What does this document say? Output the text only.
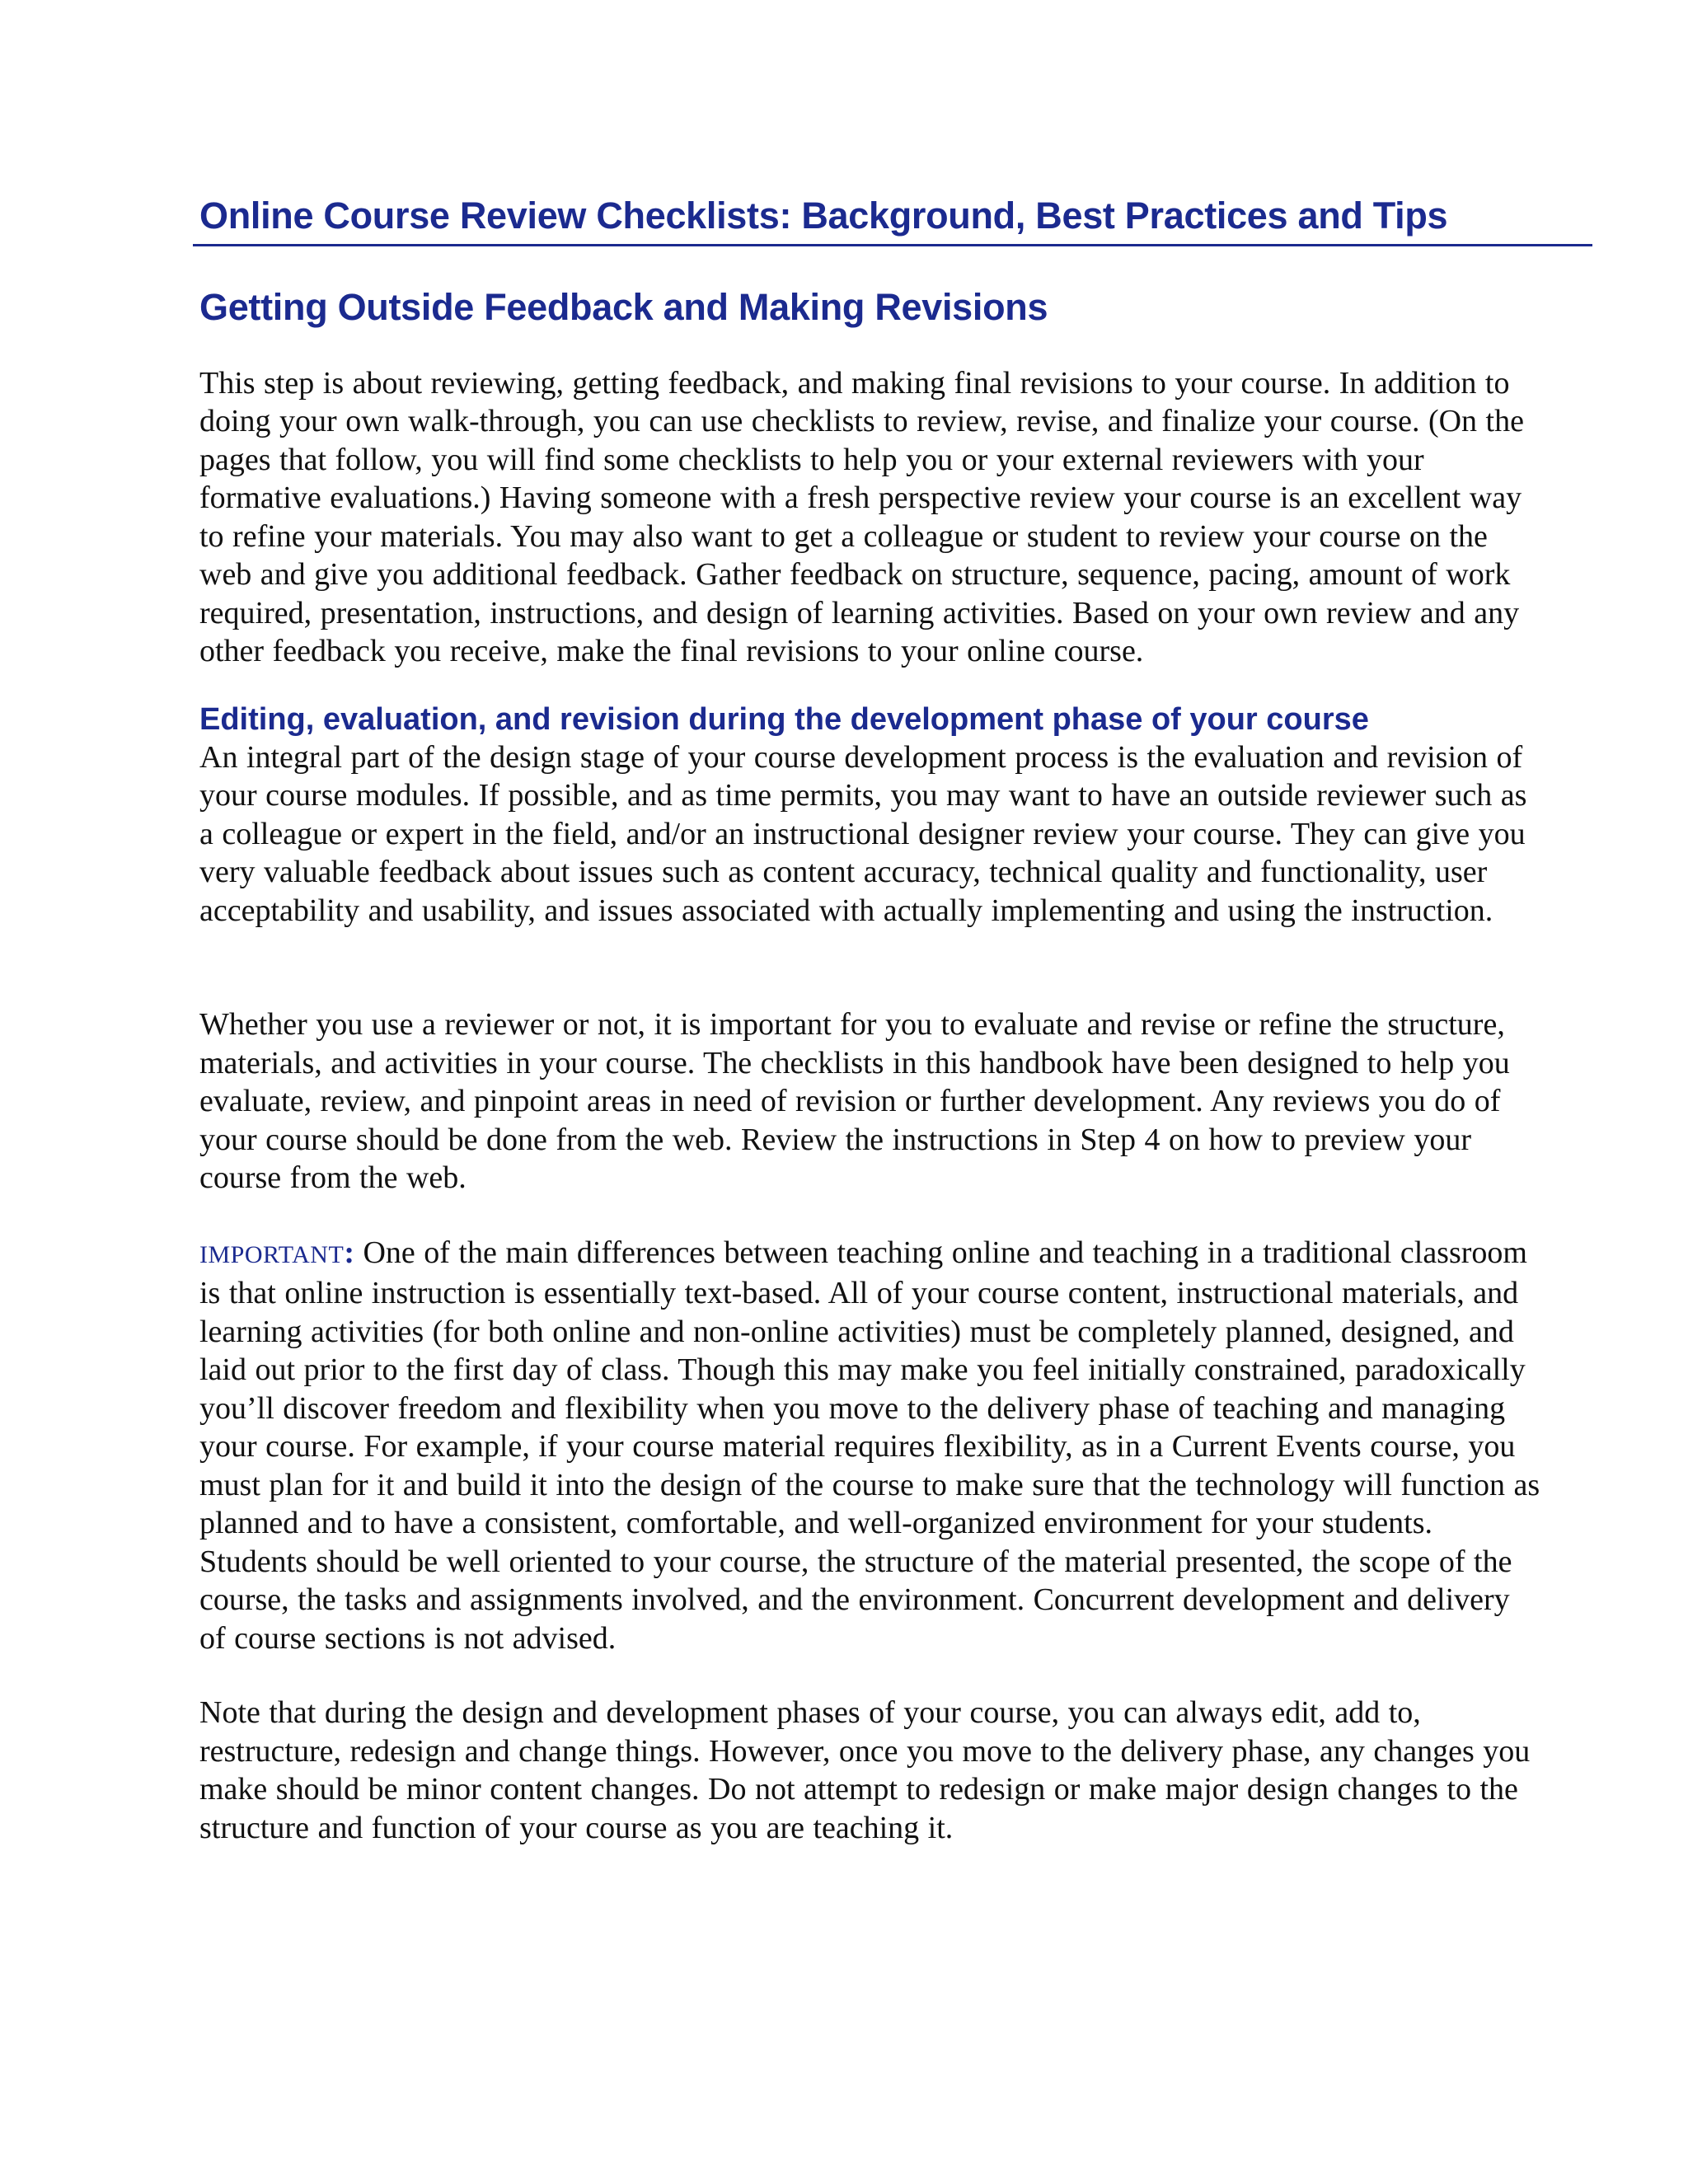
Online Course Review Checklists: Background, Best Practices and Tips
Getting Outside Feedback and Making Revisions

This step is about reviewing, getting feedback, and making final revisions to your course. In addition to doing your own walk-through, you can use checklists to review, revise, and finalize your course. (On the pages that follow, you will find some checklists to help you or your external reviewers with your formative evaluations.) Having someone with a fresh perspective review your course is an excellent way to refine your materials. You may also want to get a colleague or student to review your course on the web and give you additional feedback. Gather feedback on structure, sequence, pacing, amount of work required, presentation, instructions, and design of learning activities. Based on your own review and any other feedback you receive, make the final revisions to your online course.

Editing, evaluation, and revision during the development phase of your course

An integral part of the design stage of your course development process is the evaluation and revision of your course modules. If possible, and as time permits, you may want to have an outside reviewer such as a colleague or expert in the field, and/or an instructional designer review your course. They can give you very valuable feedback about issues such as content accuracy, technical quality and functionality, user acceptability and usability, and issues associated with actually implementing and using the instruction.

Whether you use a reviewer or not, it is important for you to evaluate and revise or refine the structure, materials, and activities in your course. The checklists in this handbook have been designed to help you evaluate, review, and pinpoint areas in need of revision or further development. Any reviews you do of your course should be done from the web. Review the instructions in Step 4 on how to preview your course from the web.

IMPORTANT: One of the main differences between teaching online and teaching in a traditional classroom is that online instruction is essentially text-based. All of your course content, instructional materials, and learning activities (for both online and non-online activities) must be completely planned, designed, and laid out prior to the first day of class. Though this may make you feel initially constrained, paradoxically you’ll discover freedom and flexibility when you move to the delivery phase of teaching and managing your course. For example, if your course material requires flexibility, as in a Current Events course, you must plan for it and build it into the design of the course to make sure that the technology will function as planned and to have a consistent, comfortable, and well-organized environment for your students. Students should be well oriented to your course, the structure of the material presented, the scope of the course, the tasks and assignments involved, and the environment. Concurrent development and delivery of course sections is not advised.

Note that during the design and development phases of your course, you can always edit, add to, restructure, redesign and change things. However, once you move to the delivery phase, any changes you make should be minor content changes. Do not attempt to redesign or make major design changes to the structure and function of your course as you are teaching it.
